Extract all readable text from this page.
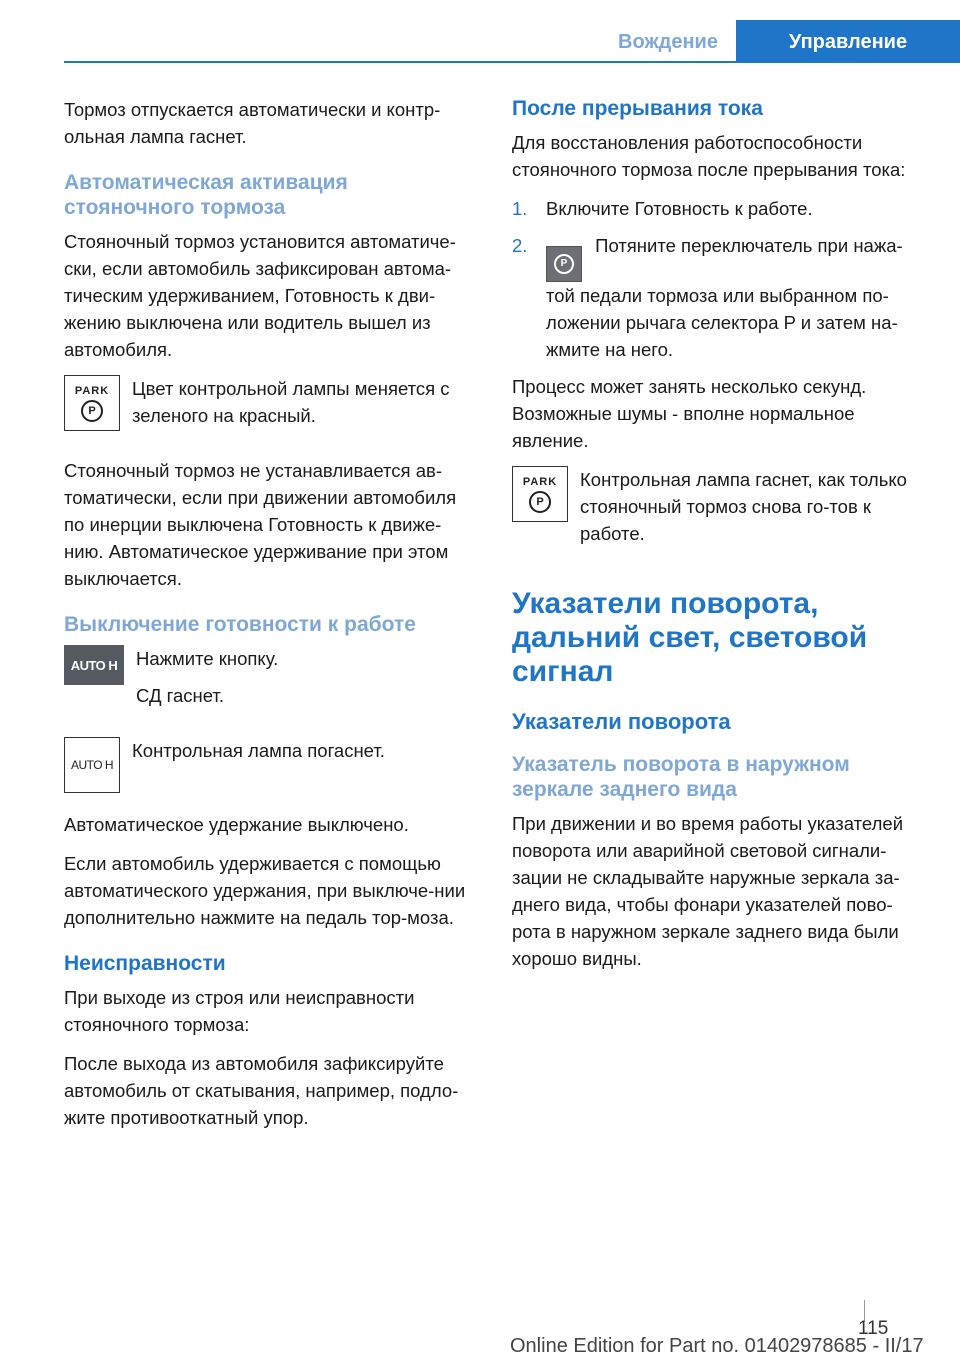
Вождение	Управление

Тормоз отпускается автоматически и контр-ольная лампа гаснет.

Автоматическая активация стояночного тормоза

Стояночный тормоз установится автоматиче-ски, если автомобиль зафиксирован автома-тическим удерживанием, Готовность к дви-жению выключена или водитель вышел из автомобиля.

PARK
P

Цвет контрольной лампы меняется с зеленого на красный.

Стояночный тормоз не устанавливается ав-томатически, если при движении автомобиля по инерции выключена Готовность к движе-нию. Автоматическое удерживание при этом выключается.

Выключение готовности к работе
AUTO H	Нажмите кнопку.

СД гаснет.

AUTO H

Контрольная лампа погаснет.

Автоматическое удержание выключено.

Если автомобиль удерживается с помощью автоматического удержания, при выключе-нии дополнительно нажмите на педаль тор-моза.

Неисправности

При выходе из строя или неисправности стояночного тормоза:

После выхода из автомобиля зафиксируйте автомобиль от скатывания, например, подло-жите противооткатный упор.

После прерывания тока

Для восстановления работоспособности стояночного тормоза после прерывания тока:

1.	Включите Готовность к работе.
2.
P
Потяните переключатель при нажа-той педали тормоза или выбранном по-ложении рычага селектора P и затем на-жмите на него.

Процесс может занять несколько секунд. Возможные шумы - вполне нормальное явление.

PARK
P

Контрольная лампа гаснет, как только стояночный тормоз снова го-тов к работе.

Указатели поворота, дальний свет, световой сигнал
Указатели поворота
Указатель поворота в наружном зеркале заднего вида

При движении и во время работы указателей поворота или аварийной световой сигнали-зации не складывайте наружные зеркала за-днего вида, чтобы фонари указателей пово-рота в наружном зеркале заднего вида были хорошо видны.

115
Online Edition for Part no. 01402978685 - II/17
